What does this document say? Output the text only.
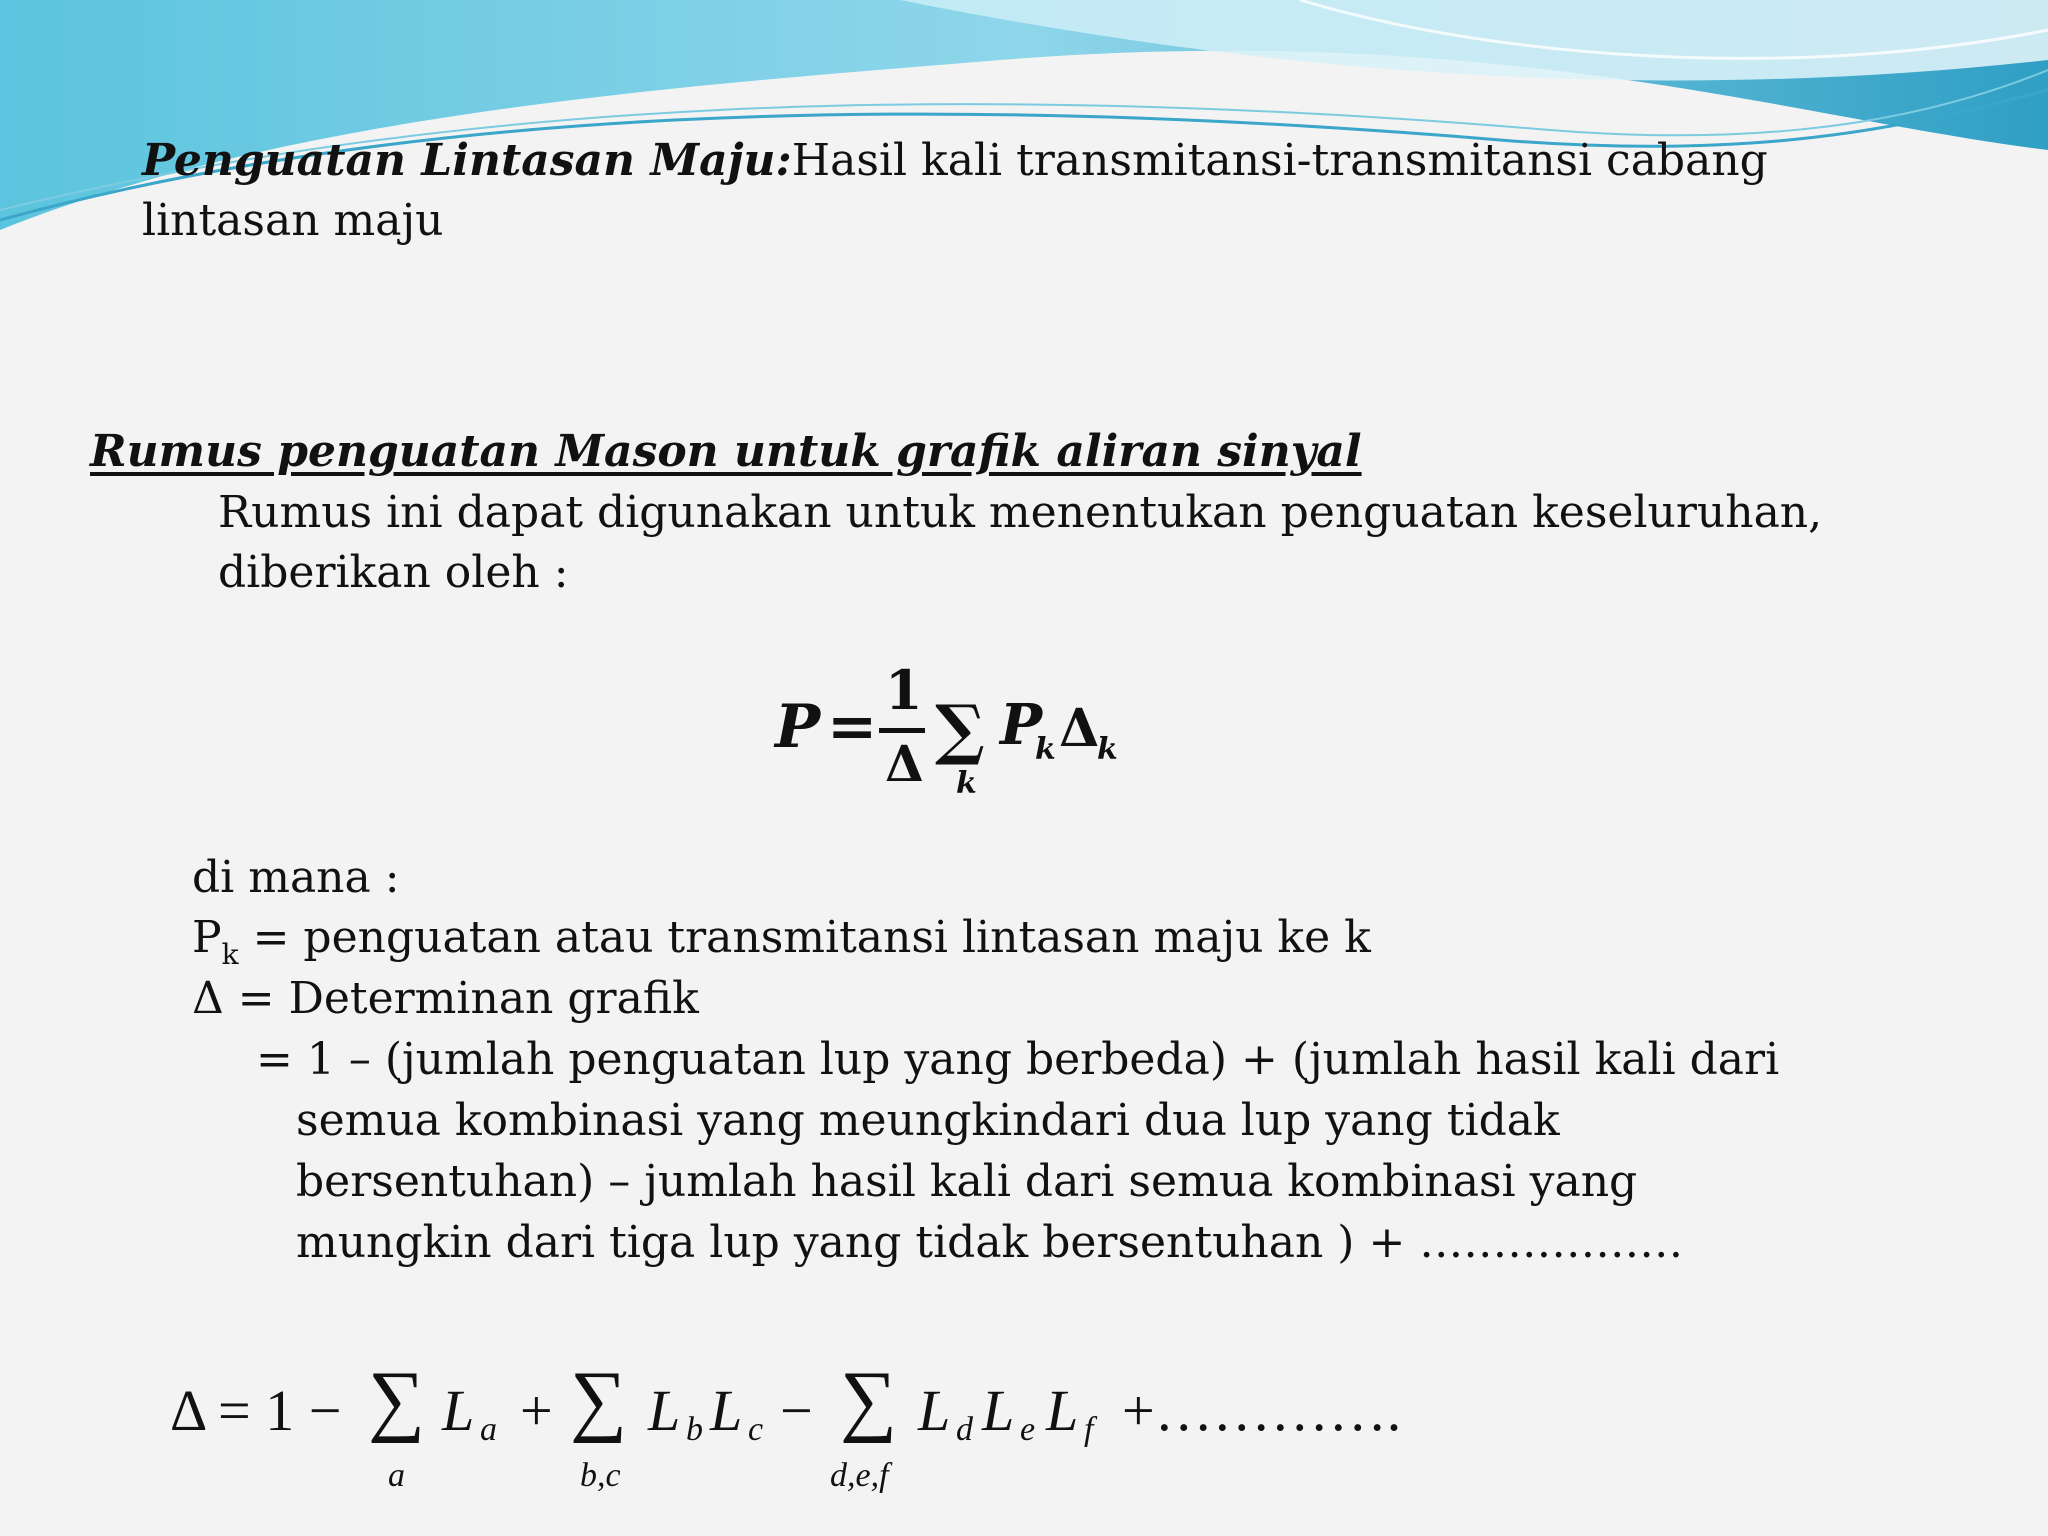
Penguatan Lintasan Maju:Hasil kali transmitansi-transmitansi cabang
lintasan maju
Rumus penguatan Mason untuk grafik aliran sinyal
Rumus ini dapat digunakan untuk menentukan penguatan keseluruhan,
diberikan oleh :
P =
1
Δ ∑
k
P
k Δ
k
di mana :
$P_k$ = penguatan atau transmitansi lintasan maju ke k
Δ = Determinan grafik
= 1 – (jumlah penguatan lup yang berbeda) + (jumlah hasil kali dari
semua kombinasi yang meungkindari dua lup yang tidak
bersentuhan) – jumlah hasil kali dari semua kombinasi yang
mungkin dari tiga lup yang tidak bersentuhan ) + ………………
Δ = 1 − ∑ L a + ∑ L b L c − ∑ L d L e L f +………….
a	b,c	d,e,f
